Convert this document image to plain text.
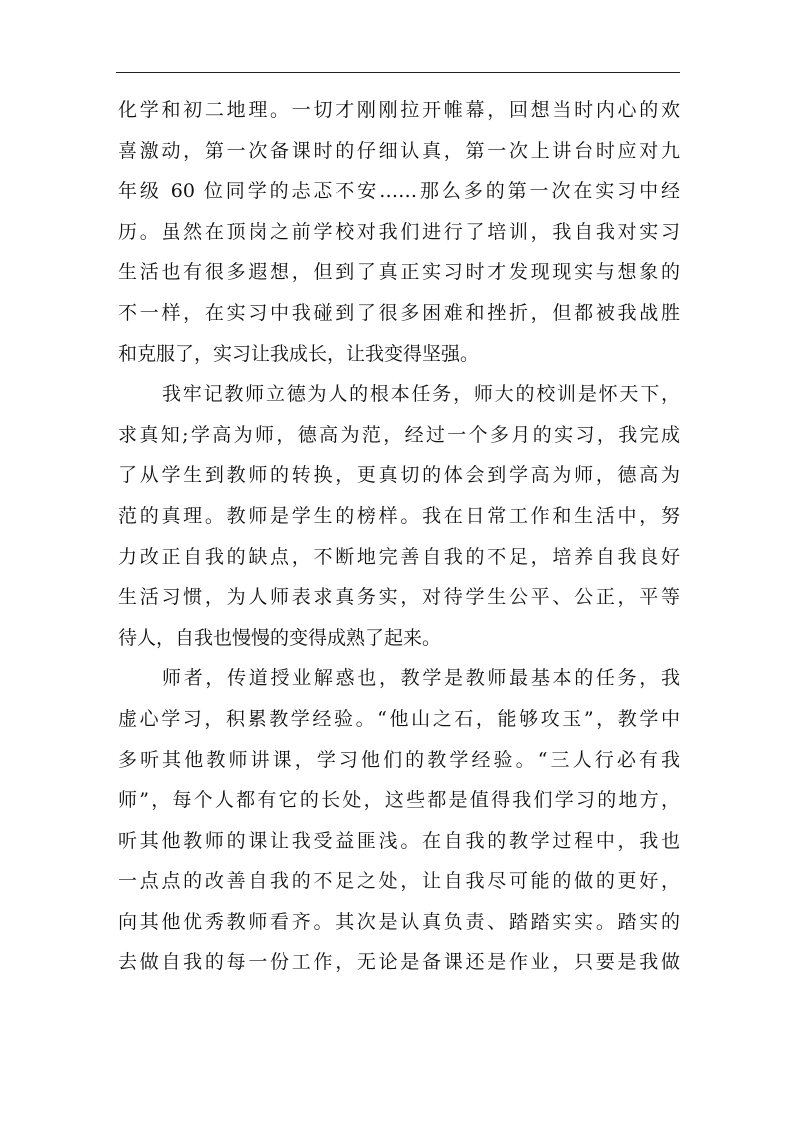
化学和初二地理。一切才刚刚拉开帷幕，回想当时内心的欢
喜激动，第一次备课时的仔细认真，第一次上讲台时应对九
年级 60 位同学的忐忑不安……那么多的第一次在实习中经
历。虽然在顶岗之前学校对我们进行了培训，我自我对实习
生活也有很多遐想，但到了真正实习时才发现现实与想象的
不一样，在实习中我碰到了很多困难和挫折，但都被我战胜
和克服了，实习让我成长，让我变得坚强。
我牢记教师立德为人的根本任务，师大的校训是怀天下，
求真知;学高为师，德高为范，经过一个多月的实习，我完成
了从学生到教师的转换，更真切的体会到学高为师，德高为
范的真理。教师是学生的榜样。我在日常工作和生活中，努
力改正自我的缺点，不断地完善自我的不足，培养自我良好
生活习惯，为人师表求真务实，对待学生公平、公正，平等
待人，自我也慢慢的变得成熟了起来。
师者，传道授业解惑也，教学是教师最基本的任务，我
虚心学习，积累教学经验。“他山之石，能够攻玉”，教学中
多听其他教师讲课，学习他们的教学经验。“三人行必有我
师”，每个人都有它的长处，这些都是值得我们学习的地方，
听其他教师的课让我受益匪浅。在自我的教学过程中，我也
一点点的改善自我的不足之处，让自我尽可能的做的更好，
向其他优秀教师看齐。其次是认真负责、踏踏实实。踏实的
去做自我的每一份工作，无论是备课还是作业，只要是我做
